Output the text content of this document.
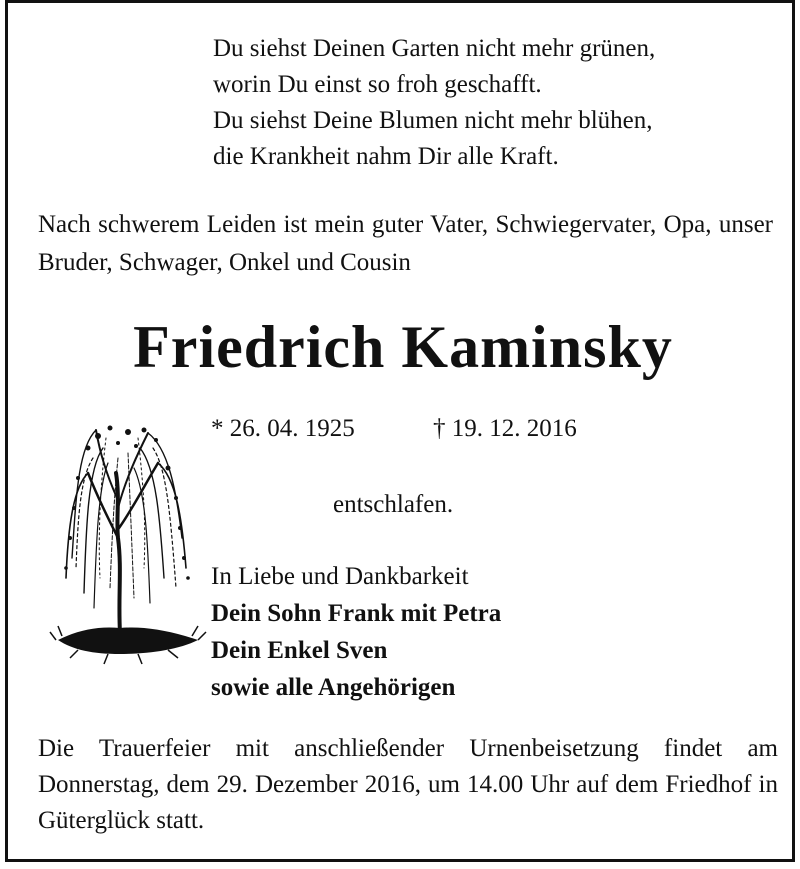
Du siehst Deinen Garten nicht mehr grünen,
worin Du einst so froh geschafft.
Du siehst Deine Blumen nicht mehr blühen,
die Krankheit nahm Dir alle Kraft.
Nach schwerem Leiden ist mein guter Vater, Schwiegervater, Opa, unser Bruder, Schwager, Onkel und Cousin
Friedrich Kaminsky
* 26. 04. 1925	† 19. 12. 2016
entschlafen.
In Liebe und Dankbarkeit
Dein Sohn Frank mit Petra
Dein Enkel Sven
sowie alle Angehörigen
Die Trauerfeier mit anschließender Urnenbeisetzung findet am Donnerstag, dem 29. Dezember 2016, um 14.00 Uhr auf dem Friedhof in Güterglück statt.
